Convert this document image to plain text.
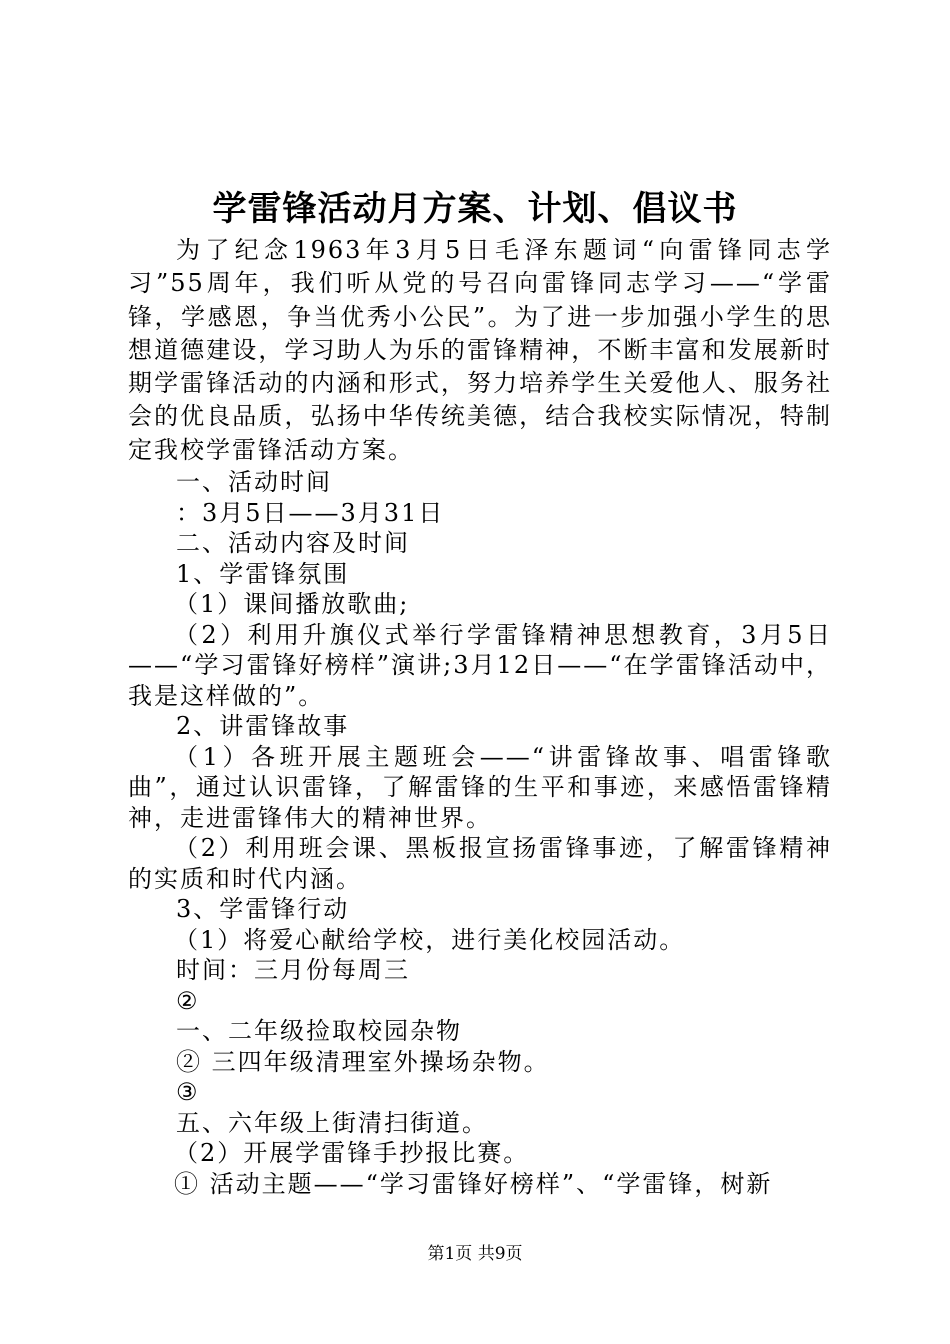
学雷锋活动月方案、计划、倡议书

为了纪念1963年3月5日毛泽东题词“向雷锋同志学习”55周年，我们听从党的号召向雷锋同志学习——“学雷锋，学感恩，争当优秀小公民”。为了进一步加强小学生的思想道德建设，学习助人为乐的雷锋精神，不断丰富和发展新时期学雷锋活动的内涵和形式，努力培养学生关爱他人、服务社会的优良品质，弘扬中华传统美德，结合我校实际情况，特制定我校学雷锋活动方案。

一、活动时间

：3月5日——3月31日

二、活动内容及时间

1、学雷锋氛围

（1）课间播放歌曲;

（2）利用升旗仪式举行学雷锋精神思想教育，3月5日——“学习雷锋好榜样”演讲;3月12日——“在学雷锋活动中，我是这样做的”。

2、讲雷锋故事

（1）各班开展主题班会——“讲雷锋故事、唱雷锋歌曲”，通过认识雷锋，了解雷锋的生平和事迹，来感悟雷锋精神，走进雷锋伟大的精神世界。

（2）利用班会课、黑板报宣扬雷锋事迹，了解雷锋精神的实质和时代内涵。

3、学雷锋行动

（1）将爱心献给学校，进行美化校园活动。

时间：三月份每周三

②

一、二年级捡取校园杂物

② 三四年级清理室外操场杂物。

③

五、六年级上街清扫街道。

（2）开展学雷锋手抄报比赛。

① 活动主题——“学习雷锋好榜样”、“学雷锋，树新

第1页 共9页
